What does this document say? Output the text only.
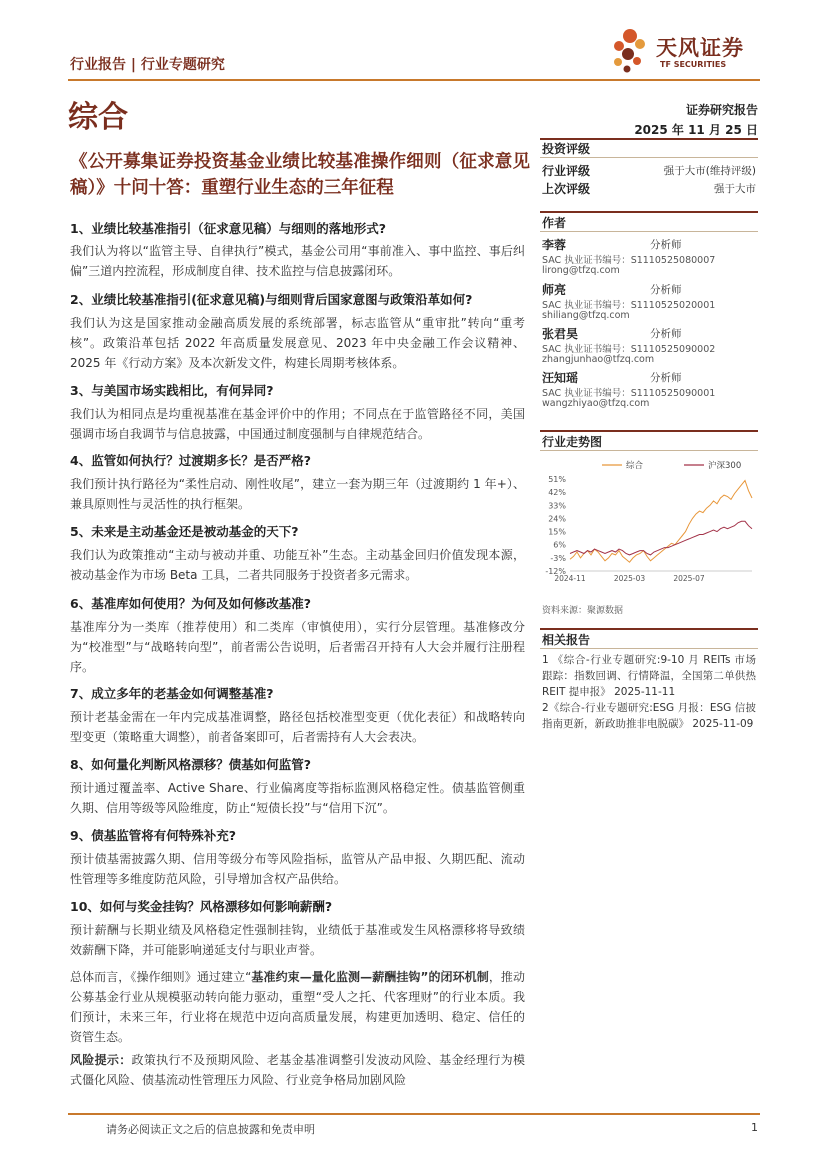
行业报告 | 行业专题研究
天风证券
TF SECURITIES
综合	证券研究报告
2025 年 11 月 25 日
《公开募集证券投资基金业绩比较基准操作细则（征求意见稿）》十问十答：重塑行业生态的三年征程
1、业绩比较基准指引（征求意见稿）与细则的落地形式?
我们认为将以“监管主导、自律执行”模式，基金公司用“事前准入、事中监控、事后纠偏”三道内控流程，形成制度自律、技术监控与信息披露闭环。
2、业绩比较基准指引(征求意见稿)与细则背后国家意图与政策沿革如何?
我们认为这是国家推动金融高质发展的系统部署，标志监管从“重审批”转向“重考核”。政策沿革包括 2022 年高质量发展意见、2023 年中央金融工作会议精神、2025 年《行动方案》及本次新发文件，构建长周期考核体系。
3、与美国市场实践相比，有何异同?
我们认为相同点是均重视基准在基金评价中的作用；不同点在于监管路径不同，美国强调市场自我调节与信息披露，中国通过制度强制与自律规范结合。
4、监管如何执行？过渡期多长？是否严格?
我们预计执行路径为“柔性启动、刚性收尾”，建立一套为期三年（过渡期约 1 年+）、兼具原则性与灵活性的执行框架。
5、未来是主动基金还是被动基金的天下?
我们认为政策推动“主动与被动并重、功能互补”生态。主动基金回归价值发现本源，被动基金作为市场 Beta 工具，二者共同服务于投资者多元需求。
6、基准库如何使用？为何及如何修改基准?
基准库分为一类库（推荐使用）和二类库（审慎使用），实行分层管理。基准修改分为“校准型”与“战略转向型”，前者需公告说明，后者需召开持有人大会并履行注册程序。
7、成立多年的老基金如何调整基准?
预计老基金需在一年内完成基准调整，路径包括校准型变更（优化表征）和战略转向型变更（策略重大调整），前者备案即可，后者需持有人大会表决。
8、如何量化判断风格漂移？债基如何监管?
预计通过覆盖率、Active Share、行业偏离度等指标监测风格稳定性。债基监管侧重久期、信用等级等风险维度，防止“短债长投”与“信用下沉”。
9、债基监管将有何特殊补充?
预计债基需披露久期、信用等级分布等风险指标，监管从产品申报、久期匹配、流动性管理等多维度防范风险，引导增加含权产品供给。
10、如何与奖金挂钩？风格漂移如何影响薪酬?
预计薪酬与长期业绩及风格稳定性强制挂钩，业绩低于基准或发生风格漂移将导致绩效薪酬下降，并可能影响递延支付与职业声誉。
总体而言，《操作细则》通过建立“基准约束—量化监测—薪酬挂钩”的闭环机制，推动公募基金行业从规模驱动转向能力驱动，重塑“受人之托、代客理财”的行业本质。我们预计，未来三年，行业将在规范中迈向高质量发展，构建更加透明、稳定、信任的资管生态。
风险提示：政策执行不及预期风险、老基金基准调整引发波动风险、基金经理行为模式僵化风险、债基流动性管理压力风险、行业竞争格局加剧风险
投资评级
行业评级	强于大市(维持评级)
上次评级	强于大市
作者
李蓉	分析师
SAC 执业证书编号：S1110525080007
lirong@tfzq.com
师亮	分析师
SAC 执业证书编号：S1110525020001
shiliang@tfzq.com
张君昊	分析师
SAC 执业证书编号：S1110525090002
zhangjunhao@tfzq.com
汪知瑶	分析师
SAC 执业证书编号：S1110525090001
wangzhiyao@tfzq.com
行业走势图
综合	沪深300
51%
42%
33%
24%
15%
6%
-3%
-12%
2024-11	2025-03	2025-07
资料来源：聚源数据
相关报告
1 《综合-行业专题研究:9-10 月 REITs 市场跟踪：指数回调、行情降温，全国第二单供热 REIT 提申报》 2025-11-11
2《综合-行业专题研究:ESG 月报：ESG 信披指南更新，新政助推非电脱碳》 2025-11-09
请务必阅读正文之后的信息披露和免责申明	1
